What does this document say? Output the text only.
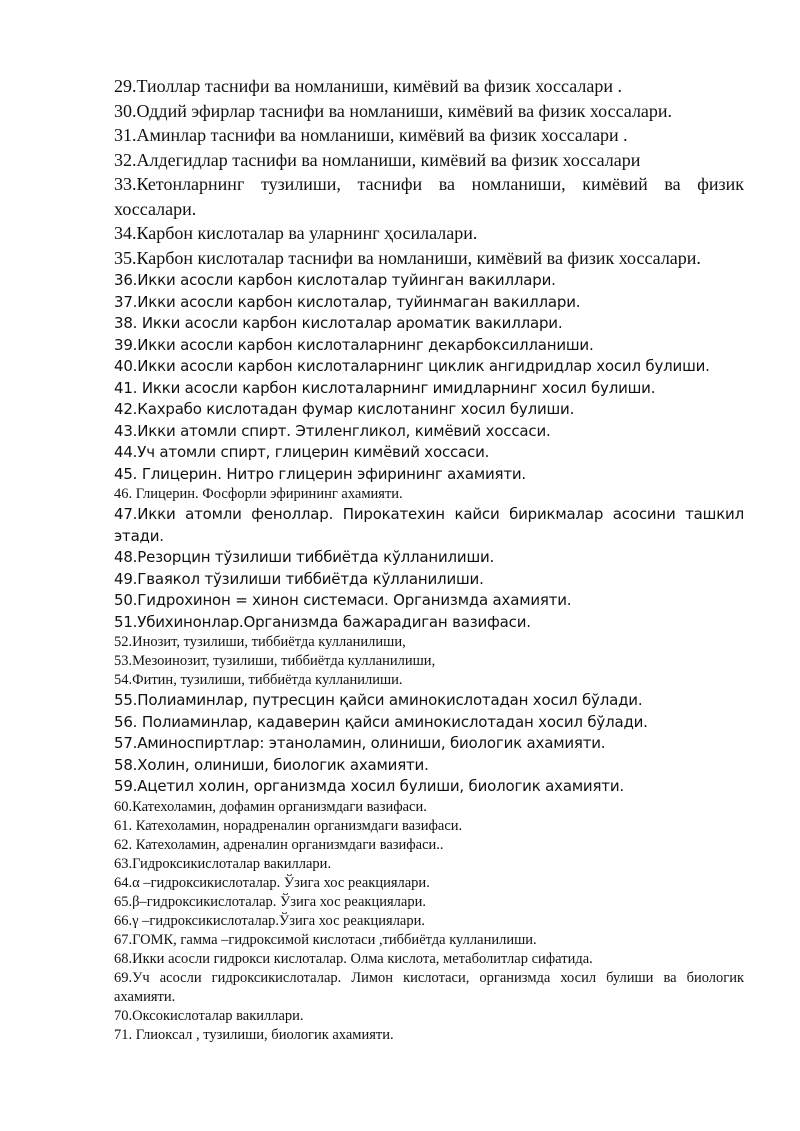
29.Тиоллар таснифи ва номланиши, кимёвий ва физик хоссалари .

30.Оддий эфирлар таснифи ва номланиши, кимёвий ва физик хоссалари.

31.Аминлар таснифи ва номланиши, кимёвий ва физик хоссалари .

32.Алдегидлар таснифи ва номланиши, кимёвий ва физик хоссалари

33.Кетонларнинг тузилиши, таснифи ва номланиши, кимёвий ва физик хоссалари.

34.Карбон кислоталар ва уларнинг ҳосилалари.

35.Карбон кислоталар таснифи ва номланиши, кимёвий ва физик хоссалари.

36.Икки асосли карбон кислоталар туйинган вакиллари.

37.Икки асосли карбон кислоталар, туйинмаган вакиллари.

38. Икки асосли карбон кислоталар ароматик вакиллари.

39.Икки асосли карбон кислоталарнинг декарбоксилланиши.

40.Икки асосли карбон кислоталарнинг циклик ангидридлар хосил булиши.

41. Икки асосли карбон кислоталарнинг имидларнинг хосил булиши.

42.Кахрабо кислотадан фумар кислотанинг хосил булиши.

43.Икки атомли спирт. Этиленгликол, кимёвий хоссаси.

44.Уч атомли спирт, глицерин кимёвий хоссаси.

45. Глицерин. Нитро глицерин эфирининг ахамияти.

46. Глицерин. Фосфорли эфирининг ахамияти.

47.Икки атомли феноллар. Пирокатехин кайси бирикмалар асосини ташкил этади.

48.Резорцин тўзилиши тиббиётда кўлланилиши.

49.Гваякол тўзилиши тиббиётда кўлланилиши.

50.Гидрохинон = хинон системаси. Организмда ахамияти.

51.Убихинонлар.Организмда бажарадиган вазифаси.

52.Инозит, тузилиши, тиббиётда кулланилиши,

53.Мезоинозит, тузилиши, тиббиётда кулланилиши,

54.Фитин, тузилиши, тиббиётда кулланилиши.

55.Полиаминлар, путресцин қайси аминокислотадан хосил бўлади.

56. Полиаминлар, кадаверин қайси аминокислотадан хосил бўлади.

57.Аминоспиртлар: этаноламин, олиниши, биологик ахамияти.

58.Холин, олиниши, биологик ахамияти.

59.Ацетил холин, организмда хосил булиши, биологик ахамияти.

60.Катехоламин, дофамин организмдаги вазифаси.

61. Катехоламин, норадреналин организмдаги вазифаси.

62. Катехоламин, адреналин организмдаги вазифаси..

63.Гидроксикислоталар вакиллари.

64.α –гидроксикислоталар. Ўзига хос реакциялари.

65.β–гидроксикислоталар. Ўзига хос реакциялари.

66.γ –гидроксикислоталар.Ўзига хос реакциялари.

67.ГОМК, гамма –гидроксимой кислотаси ,тиббиётда кулланилиши.

68.Икки асосли гидрокси кислоталар. Олма кислота, метаболитлар сифатида.

69.Уч асосли гидроксикислоталар. Лимон кислотаси, организмда хосил булиши ва биологик ахамияти.

70.Оксокислоталар вакиллари.

71. Глиоксал , тузилиши, биологик ахамияти.
